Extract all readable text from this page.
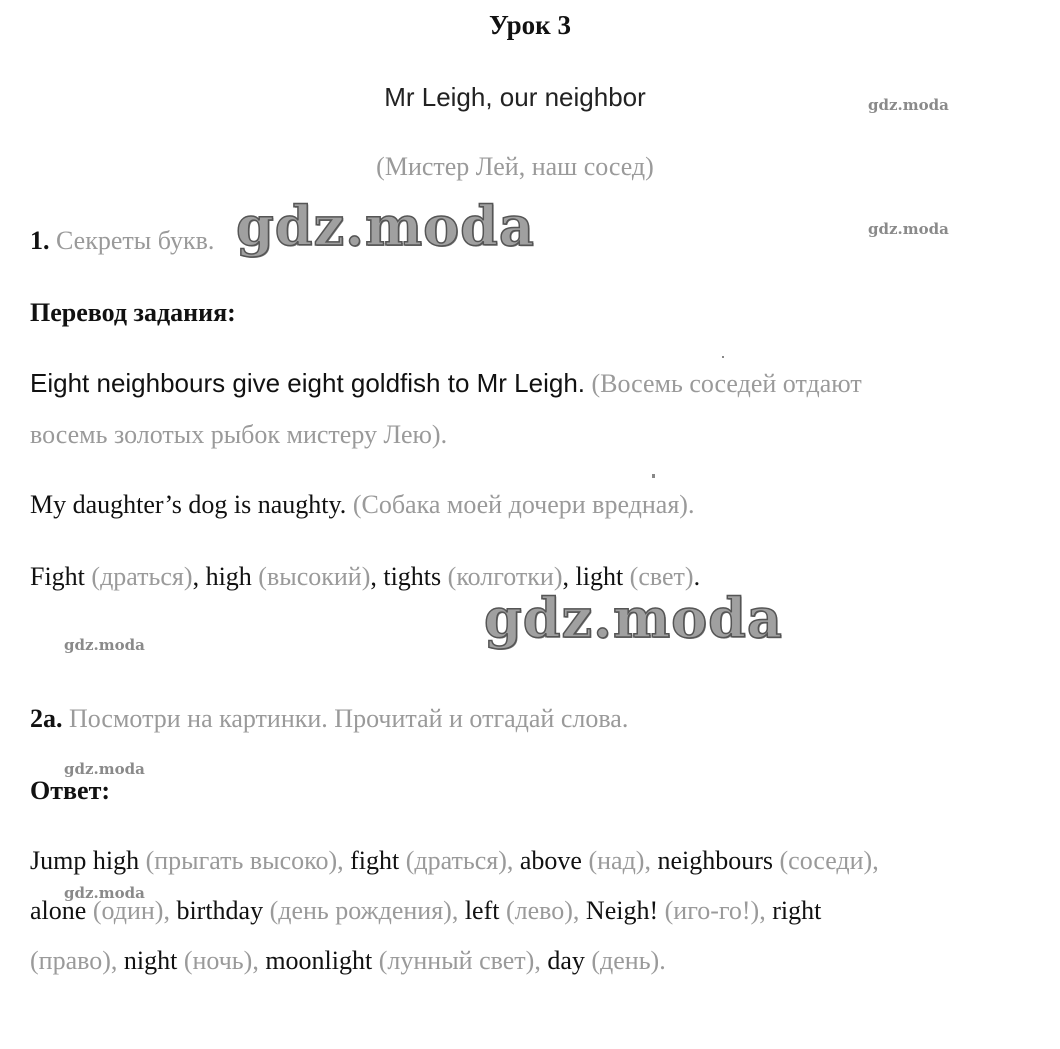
Урок 3
Mr Leigh, our neighbor
(Мистер Лей, наш сосед)
gdz.moda
gdz.moda
gdz.moda
gdz.moda
gdz.moda
gdz.moda
gdz.moda
1. Секреты букв.
Перевод задания:
Eight neighbours give eight goldfish to Mr Leigh. (Восемь соседей отдают
восемь золотых рыбок мистеру Лею).
My daughter’s dog is naughty. (Собака моей дочери вредная).
Fight (драться), high (высокий), tights (колготки), light (свет).
2a. Посмотри на картинки. Прочитай и отгадай слова.
Ответ:
Jump high (прыгать высоко), fight (драться), above (над), neighbours (соседи),
alone (один), birthday (день рождения), left (лево), Neigh! (иго-го!), right
(право), night (ночь), moonlight (лунный свет), day (день).
